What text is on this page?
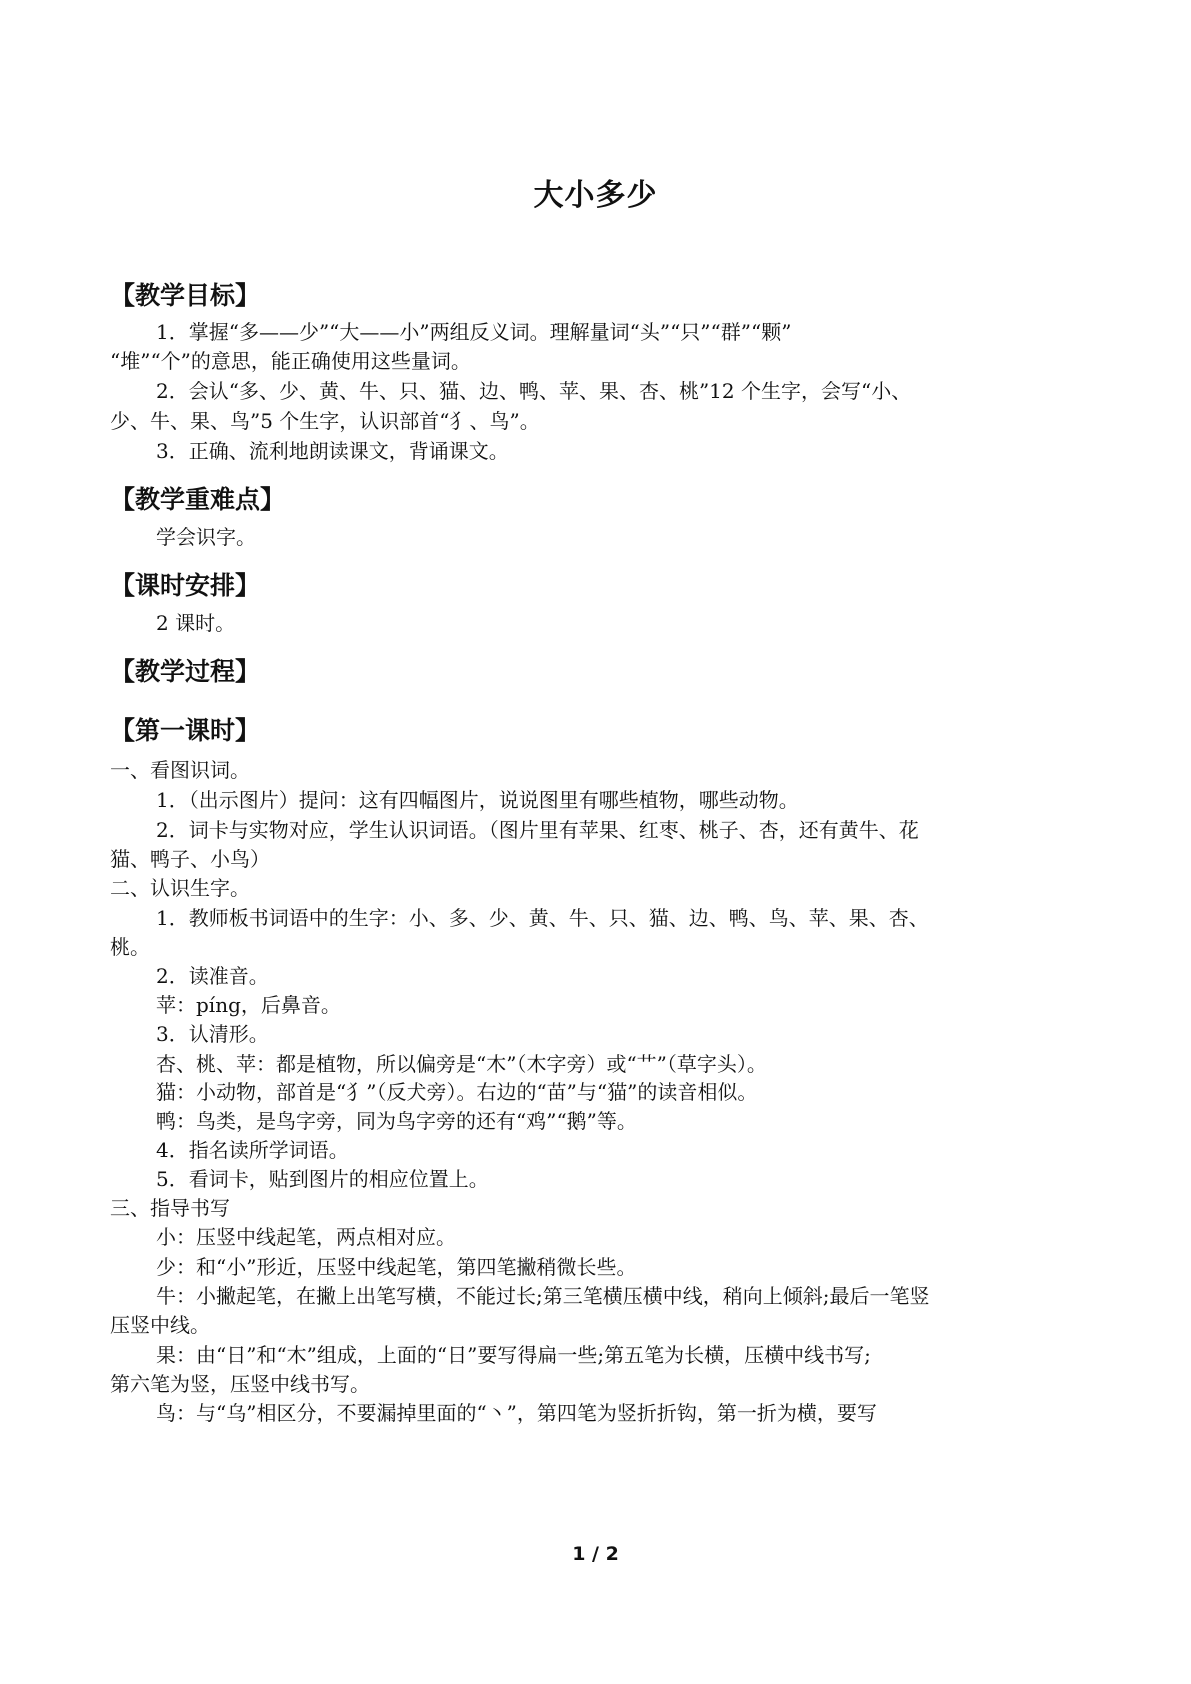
大小多少
【教学目标】
1．掌握“多——少”“大——小”两组反义词。理解量词“头”“只”“群”“颗”
“堆”“个”的意思，能正确使用这些量词。
2．会认“多、少、黄、牛、只、猫、边、鸭、苹、果、杏、桃”12 个生字，会写“小、
少、牛、果、鸟”5 个生字，认识部首“犭、鸟”。
3．正确、流利地朗读课文，背诵课文。
【教学重难点】
学会识字。
【课时安排】
2 课时。
【教学过程】
【第一课时】
一、看图识词。
1．（出示图片）提问：这有四幅图片，说说图里有哪些植物，哪些动物。
2．词卡与实物对应，学生认识词语。（图片里有苹果、红枣、桃子、杏，还有黄牛、花
猫、鸭子、小鸟）
二、认识生字。
1．教师板书词语中的生字：小、多、少、黄、牛、只、猫、边、鸭、鸟、苹、果、杏、
桃。
2．读准音。
苹：píng，后鼻音。
3．认清形。
杏、桃、苹：都是植物，所以偏旁是“木”（木字旁）或“艹”（草字头）。
猫：小动物，部首是“犭”（反犬旁）。右边的“苗”与“猫”的读音相似。
鸭：鸟类，是鸟字旁，同为鸟字旁的还有“鸡”“鹅”等。
4．指名读所学词语。
5．看词卡，贴到图片的相应位置上。
三、指导书写
小：压竖中线起笔，两点相对应。
少：和“小”形近，压竖中线起笔，第四笔撇稍微长些。
牛：小撇起笔，在撇上出笔写横，不能过长;第三笔横压横中线，稍向上倾斜;最后一笔竖
压竖中线。
果：由“日”和“木”组成，上面的“日”要写得扁一些;第五笔为长横，压横中线书写;
第六笔为竖，压竖中线书写。
鸟：与“乌”相区分，不要漏掉里面的“丶”，第四笔为竖折折钩，第一折为横，要写
1 / 2
